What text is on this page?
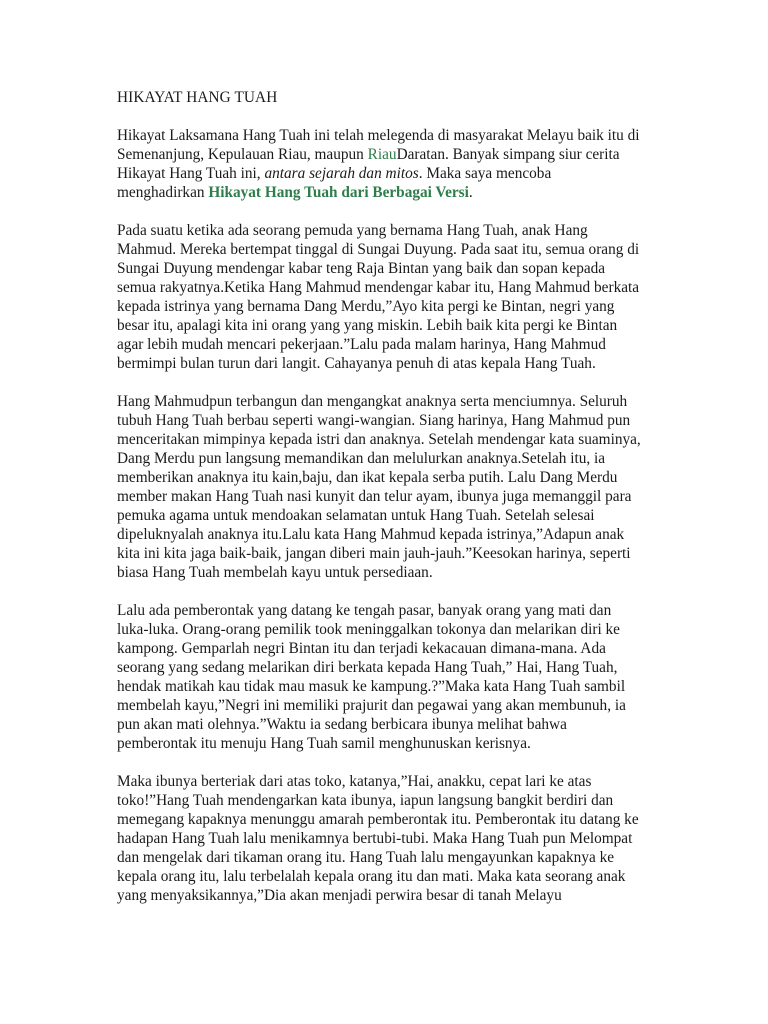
HIKAYAT HANG TUAH
Hikayat Laksamana Hang Tuah ini telah melegenda di masyarakat Melayu baik itu di
Semenanjung, Kepulauan Riau, maupun RiauDaratan. Banyak simpang siur cerita
Hikayat Hang Tuah ini, antara sejarah dan mitos. Maka saya mencoba
menghadirkan Hikayat Hang Tuah dari Berbagai Versi.
Pada suatu ketika ada seorang pemuda yang bernama Hang Tuah, anak Hang
Mahmud. Mereka bertempat tinggal di Sungai Duyung. Pada saat itu, semua orang di
Sungai Duyung mendengar kabar teng Raja Bintan yang baik dan sopan kepada
semua rakyatnya.Ketika Hang Mahmud mendengar kabar itu, Hang Mahmud berkata
kepada istrinya yang bernama Dang Merdu,”Ayo kita pergi ke Bintan, negri yang
besar itu, apalagi kita ini orang yang yang miskin. Lebih baik kita pergi ke Bintan
agar lebih mudah mencari pekerjaan.”Lalu pada malam harinya, Hang Mahmud
bermimpi bulan turun dari langit. Cahayanya penuh di atas kepala Hang Tuah.
Hang Mahmudpun terbangun dan mengangkat anaknya serta menciumnya. Seluruh
tubuh Hang Tuah berbau seperti wangi-wangian. Siang harinya, Hang Mahmud pun
menceritakan mimpinya kepada istri dan anaknya. Setelah mendengar kata suaminya,
Dang Merdu pun langsung memandikan dan melulurkan anaknya.Setelah itu, ia
memberikan anaknya itu kain,baju, dan ikat kepala serba putih. Lalu Dang Merdu
member makan Hang Tuah nasi kunyit dan telur ayam, ibunya juga memanggil para
pemuka agama untuk mendoakan selamatan untuk Hang Tuah. Setelah selesai
dipeluknyalah anaknya itu.Lalu kata Hang Mahmud kepada istrinya,”Adapun anak
kita ini kita jaga baik-baik, jangan diberi main jauh-jauh.”Keesokan harinya, seperti
biasa Hang Tuah membelah kayu untuk persediaan.
Lalu ada pemberontak yang datang ke tengah pasar, banyak orang yang mati dan
luka-luka. Orang-orang pemilik took meninggalkan tokonya dan melarikan diri ke
kampong. Gemparlah negri Bintan itu dan terjadi kekacauan dimana-mana. Ada
seorang yang sedang melarikan diri berkata kepada Hang Tuah,” Hai, Hang Tuah,
hendak matikah kau tidak mau masuk ke kampung.?”Maka kata Hang Tuah sambil
membelah kayu,”Negri ini memiliki prajurit dan pegawai yang akan membunuh, ia
pun akan mati olehnya.”Waktu ia sedang berbicara ibunya melihat bahwa
pemberontak itu menuju Hang Tuah samil menghunuskan kerisnya.
Maka ibunya berteriak dari atas toko, katanya,”Hai, anakku, cepat lari ke atas
toko!”Hang Tuah mendengarkan kata ibunya, iapun langsung bangkit berdiri dan
memegang kapaknya menunggu amarah pemberontak itu. Pemberontak itu datang ke
hadapan Hang Tuah lalu menikamnya bertubi-tubi. Maka Hang Tuah pun Melompat
dan mengelak dari tikaman orang itu. Hang Tuah lalu mengayunkan kapaknya ke
kepala orang itu, lalu terbelalah kepala orang itu dan mati. Maka kata seorang anak
yang menyaksikannya,”Dia akan menjadi perwira besar di tanah Melayu
